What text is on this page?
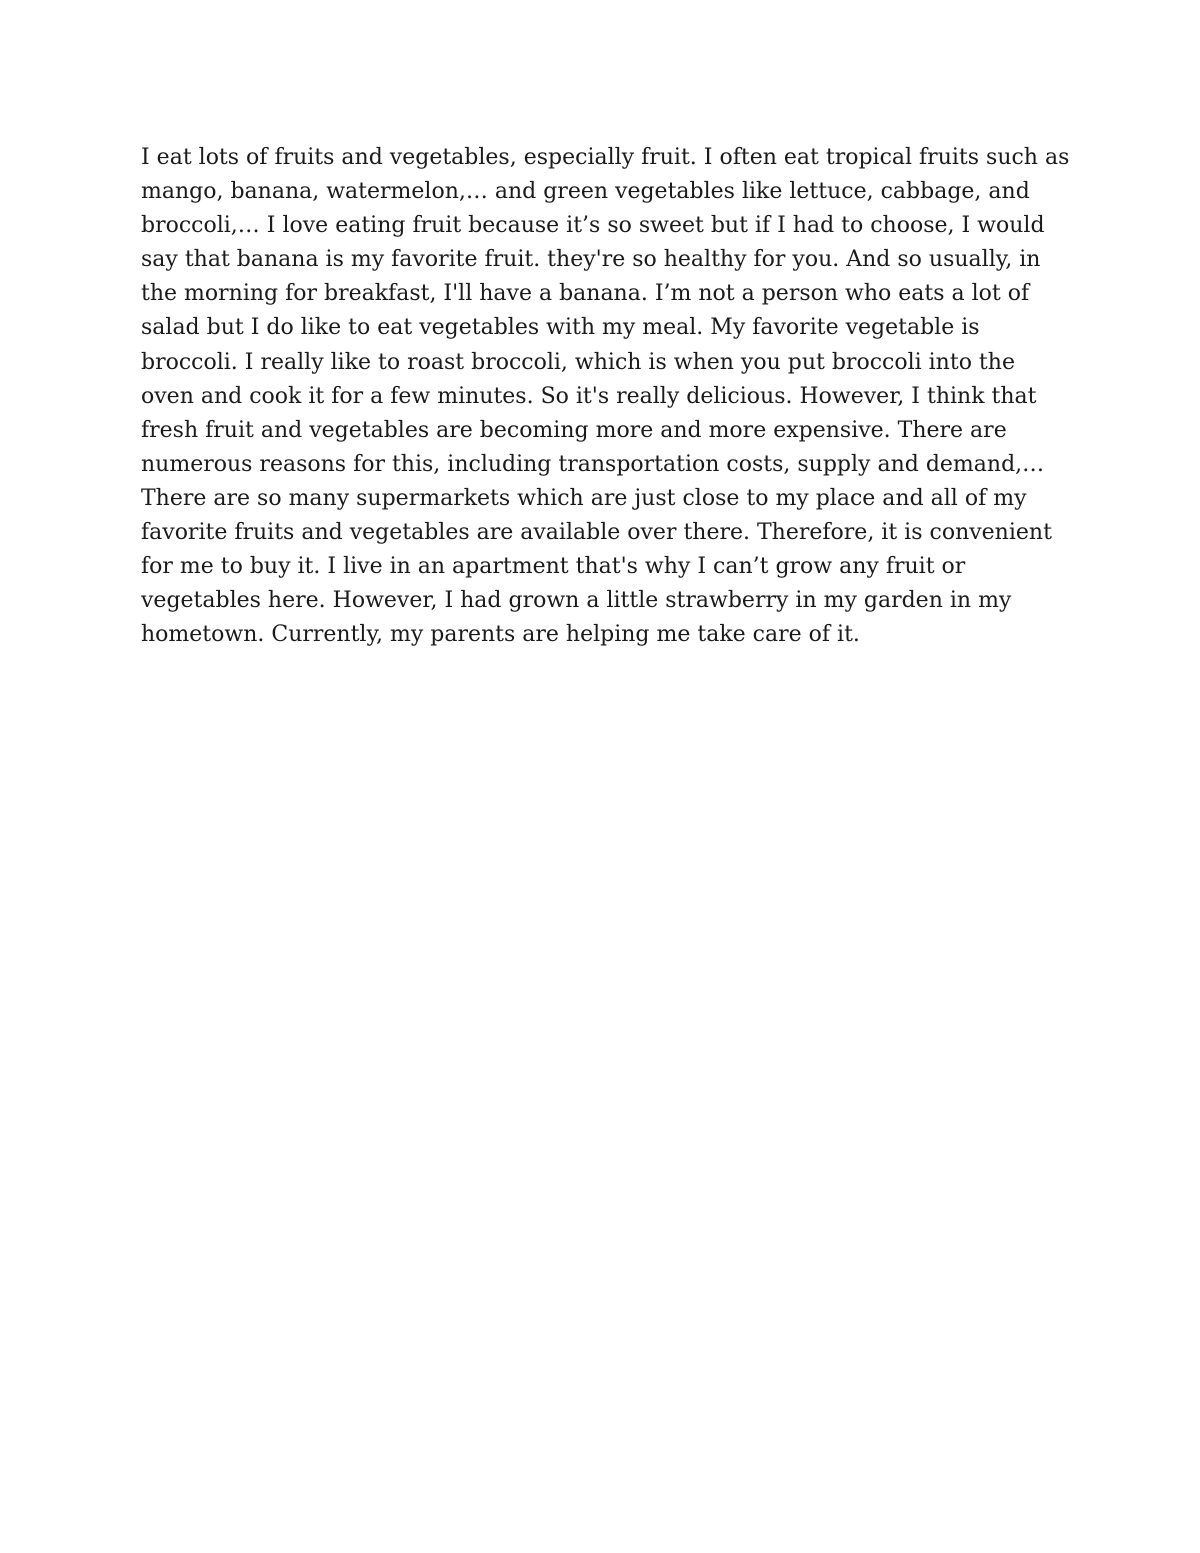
I eat lots of fruits and vegetables, especially fruit. I often eat tropical fruits such as
mango, banana, watermelon,… and green vegetables like lettuce, cabbage, and
broccoli,… I love eating fruit because it’s so sweet but if I had to choose, I would
say that banana is my favorite fruit. they're so healthy for you. And so usually, in
the morning for breakfast, I'll have a banana. I’m not a person who eats a lot of
salad but I do like to eat vegetables with my meal. My favorite vegetable is
broccoli. I really like to roast broccoli, which is when you put broccoli into the
oven and cook it for a few minutes. So it's really delicious. However, I think that
fresh fruit and vegetables are becoming more and more expensive. There are
numerous reasons for this, including transportation costs, supply and demand,…
There are so many supermarkets which are just close to my place and all of my
favorite fruits and vegetables are available over there. Therefore, it is convenient
for me to buy it. I live in an apartment that's why I can’t grow any fruit or
vegetables here. However, I had grown a little strawberry in my garden in my
hometown. Currently, my parents are helping me take care of it.
